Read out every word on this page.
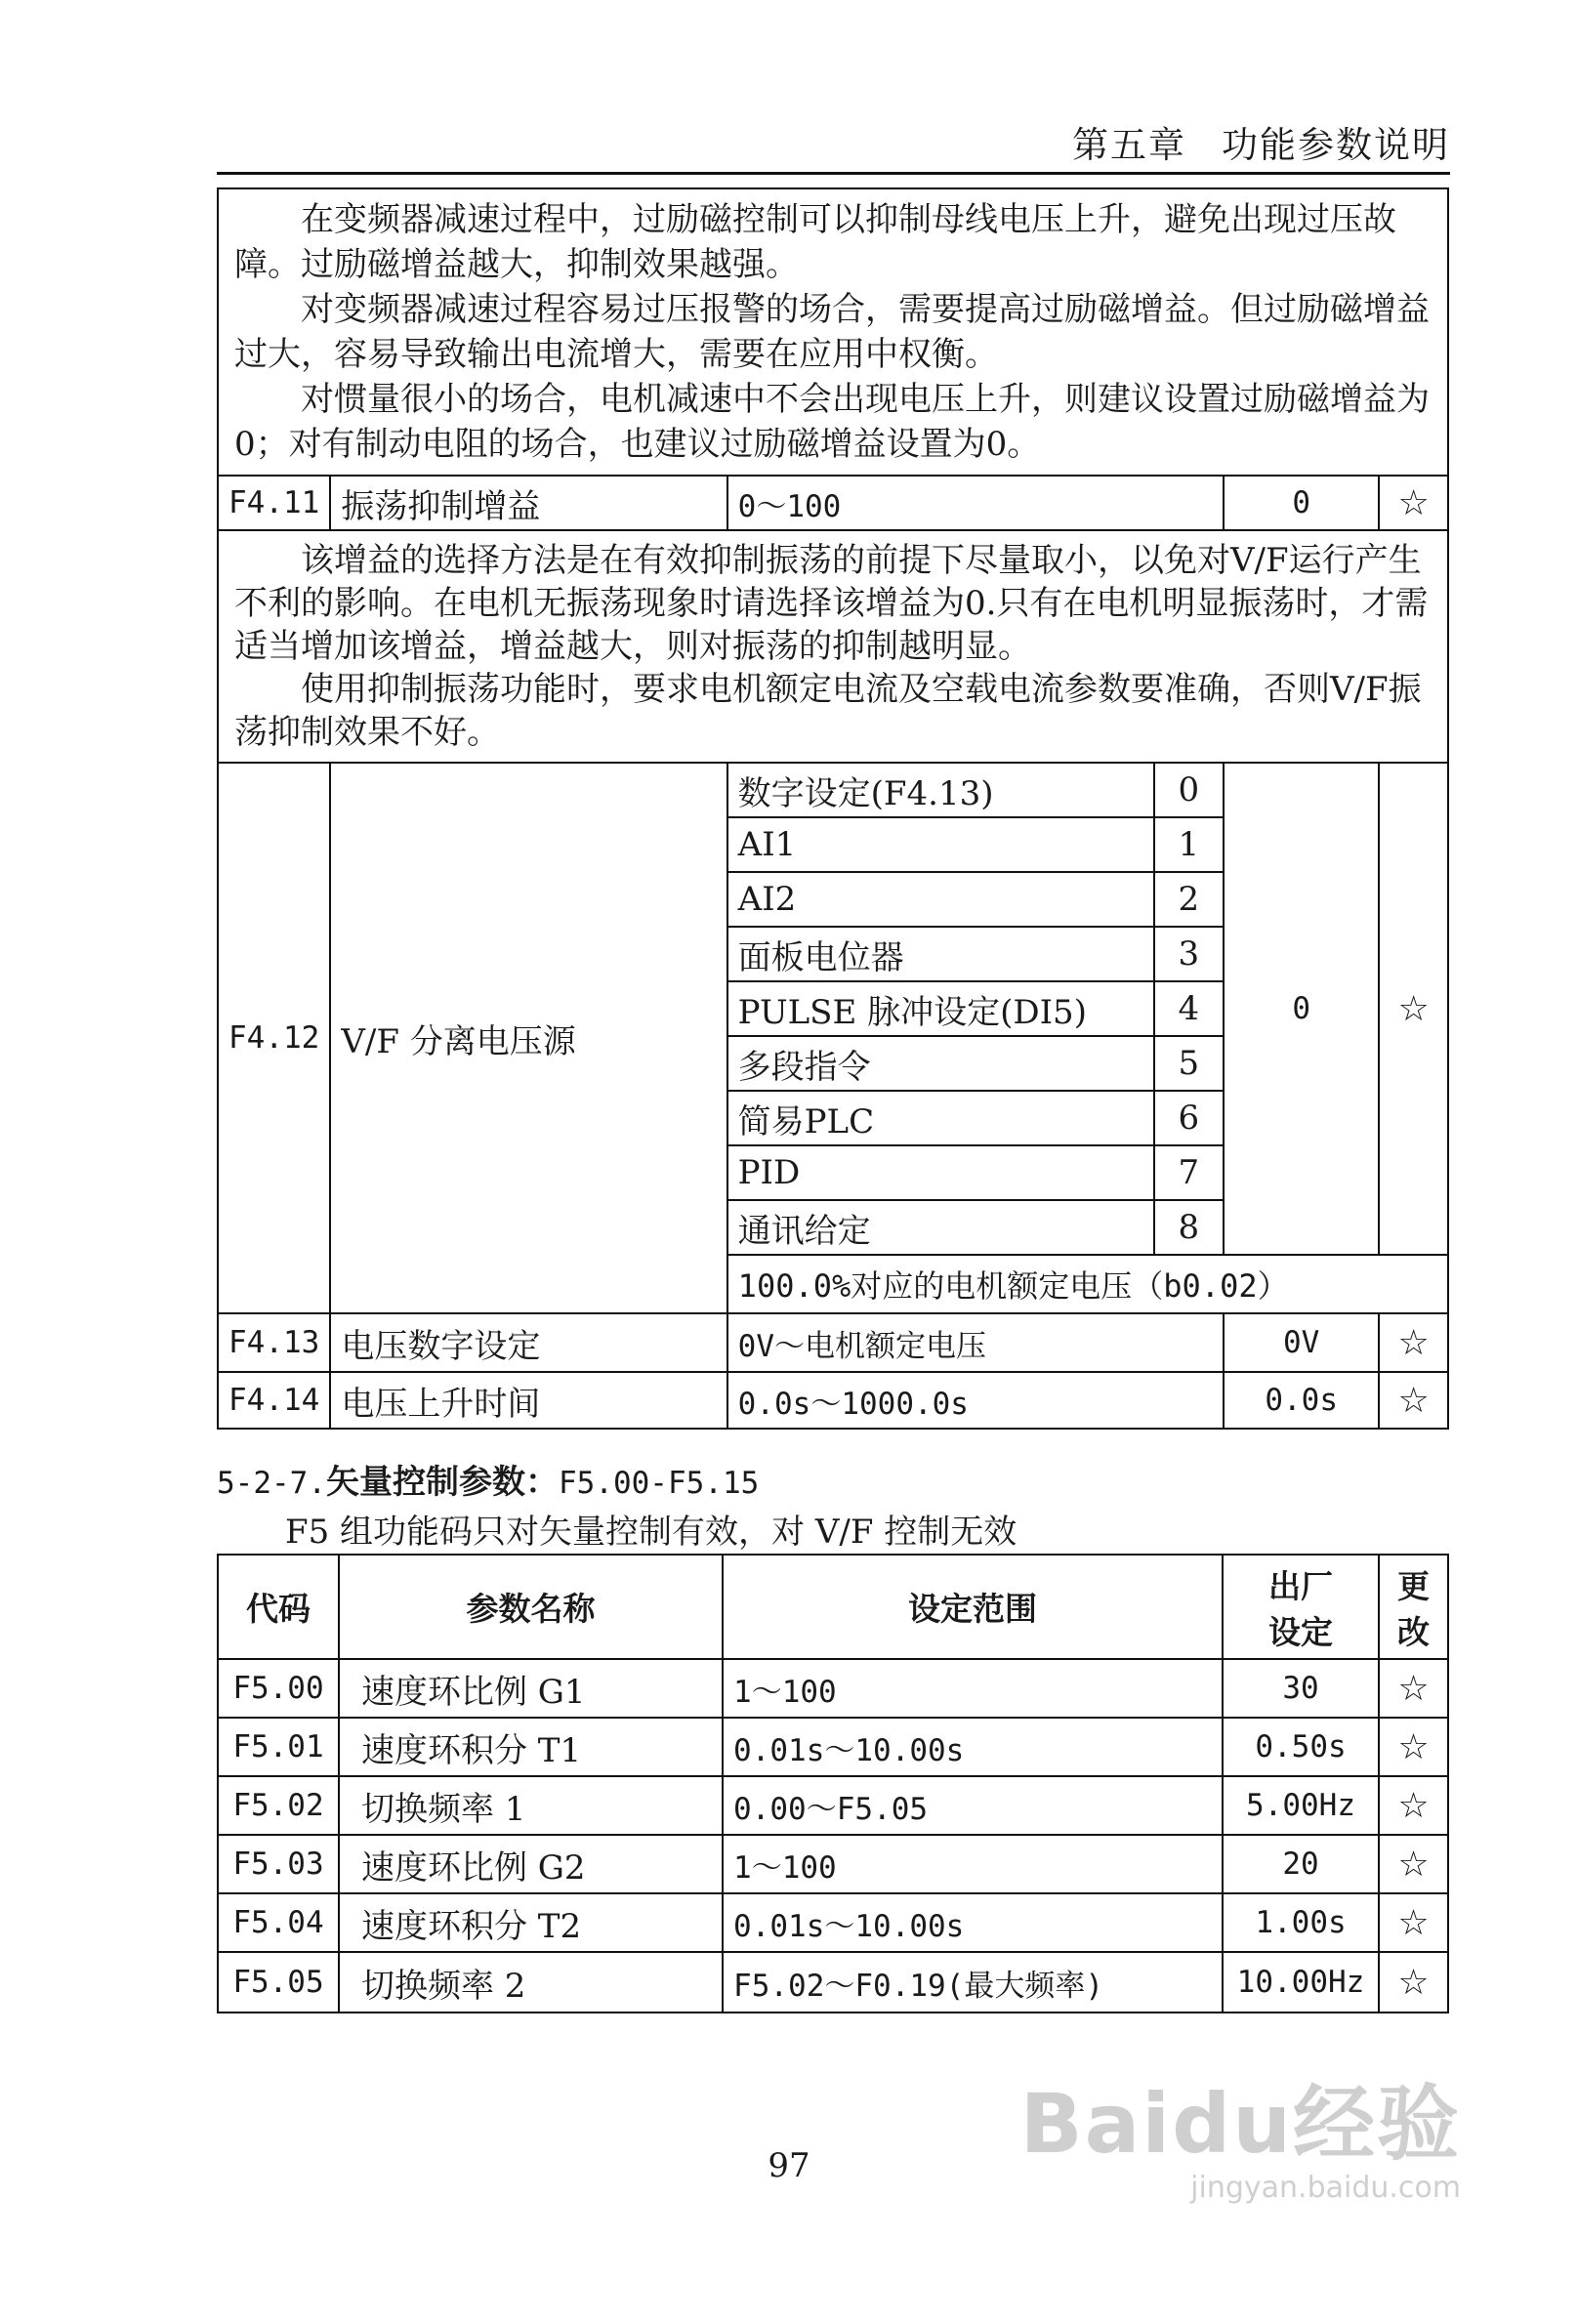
第五章 功能参数说明
在变频器减速过程中，过励磁控制可以抑制母线电压上升，避免出现过压故障。过励磁增益越大，抑制效果越强。
对变频器减速过程容易过压报警的场合，需要提高过励磁增益。但过励磁增益过大，容易导致输出电流增大，需要在应用中权衡。
对惯量很小的场合，电机减速中不会出现电压上升，则建议设置过励磁增益为0；对有制动电阻的场合，也建议过励磁增益设置为0。					

F4.11	振荡抑制增益	0～100		0	☆

该增益的选择方法是在有效抑制振荡的前提下尽量取小，以免对V/F运行产生不利的影响。在电机无振荡现象时请选择该增益为0.只有在电机明显振荡时，才需适当增加该增益，增益越大，则对振荡的抑制越明显。
使用抑制振荡功能时，要求电机额定电流及空载电流参数要准确，否则V/F振荡抑制效果不好。					

F4.12	V/F 分离电压源	数字设定(F4.13)	0	0	☆
		AI1	1		
		AI2	2		
		面板电位器	3		
		PULSE 脉冲设定(DI5)	4		
		多段指令	5		
		简易PLC	6		
		PID	7		
		通讯给定	8		
		100.0%对应的电机额定电压（b0.02）			
F4.13	电压数字设定	0V～电机额定电压		0V	☆
F4.14	电压上升时间	0.0s～1000.0s		0.0s	☆
5-2-7.矢量控制参数：F5.00-F5.15
F5 组功能码只对矢量控制有效，对 V/F 控制无效
代码	参数名称	设定范围	出厂设定	更改
F5.00	速度环比例 G1	1～100	30	☆
F5.01	速度环积分 T1	0.01s～10.00s	0.50s	☆
F5.02	切换频率 1	0.00～F5.05	5.00Hz	☆
F5.03	速度环比例 G2	1～100	20	☆
F5.04	速度环积分 T2	0.01s～10.00s	1.00s	☆
F5.05	切换频率 2	F5.02～F0.19(最大频率)	10.00Hz	☆
97	Baidu经验
jingyan.baidu.com
